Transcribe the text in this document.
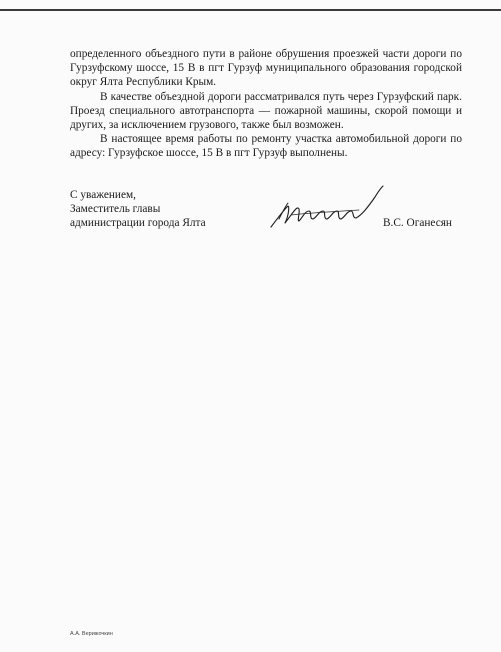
определенного объездного пути в районе обрушения проезжей части дороги по Гурзуфскому шоссе, 15 В в пгт Гурзуф муниципального образования городской округ Ялта Республики Крым.

В качестве объездной дороги рассматривался путь через Гурзуфский парк. Проезд специального автотранспорта — пожарной машины, скорой помощи и других, за исключением грузового, также был возможен.

В настоящее время работы по ремонту участка автомобильной дороги по адресу: Гурзуфское шоссе, 15 В в пгт Гурзуф выполнены.

С уважением,
Заместитель главы
администрации города Ялта	В.С. Оганесян
А.А. Верижочкин
